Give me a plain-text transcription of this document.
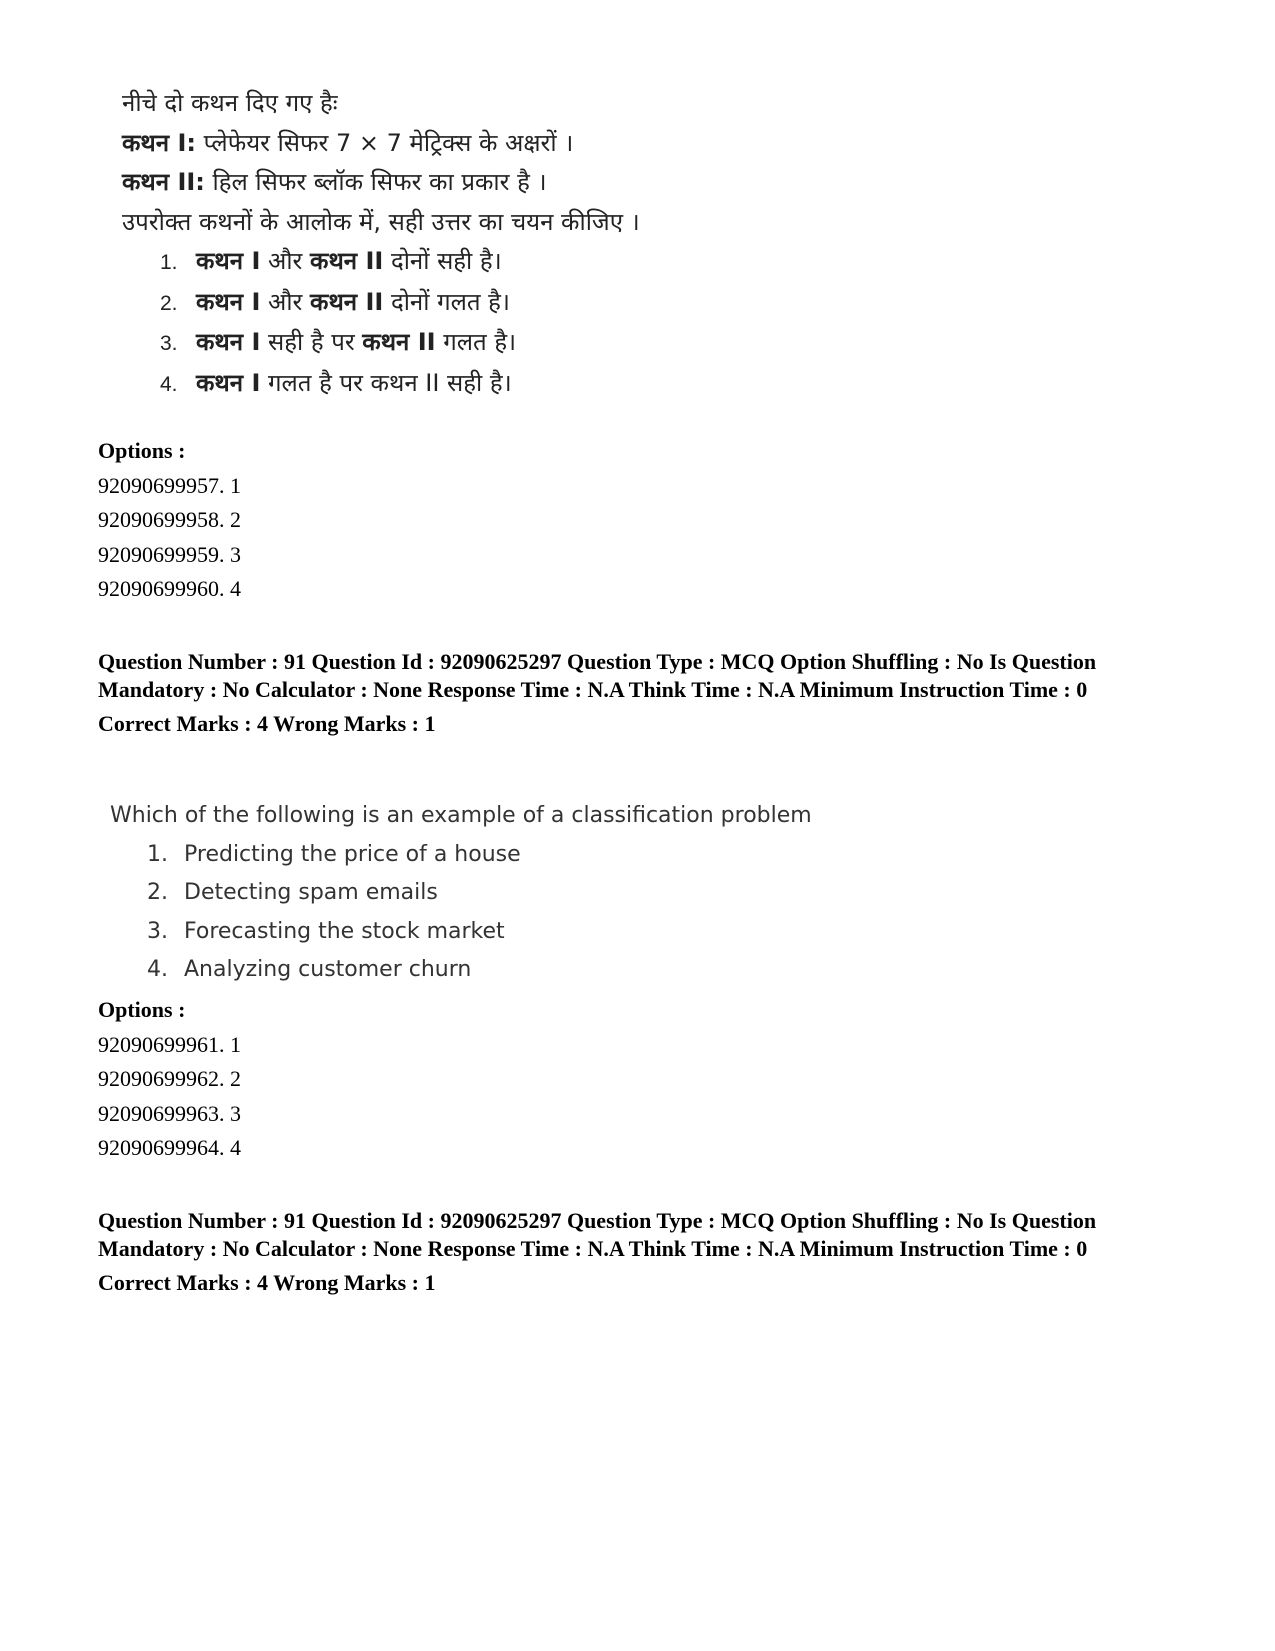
नीचे दो कथन दिए गए हैः
कथन I: प्लेफेयर सिफर 7 × 7 मेट्रिक्स के अक्षरों ।
कथन II: हिल सिफर ब्लॉक सिफर का प्रकार है ।
उपरोक्त कथनों के आलोक में, सही उत्तर का चयन कीजिए ।
1. कथन I और कथन II दोनों सही है।
2. कथन I और कथन II दोनों गलत है।
3. कथन I सही है पर कथन II गलत है।
4. कथन I गलत है पर कथन II सही है।
Options :
92090699957. 1
92090699958. 2
92090699959. 3
92090699960. 4
Question Number : 91 Question Id : 92090625297 Question Type : MCQ Option Shuffling : No Is Question Mandatory : No Calculator : None Response Time : N.A Think Time : N.A Minimum Instruction Time : 0
Correct Marks : 4 Wrong Marks : 1
Which of the following is an example of a classification problem
1. Predicting the price of a house
2. Detecting spam emails
3. Forecasting the stock market
4. Analyzing customer churn
Options :
92090699961. 1
92090699962. 2
92090699963. 3
92090699964. 4
Question Number : 91 Question Id : 92090625297 Question Type : MCQ Option Shuffling : No Is Question Mandatory : No Calculator : None Response Time : N.A Think Time : N.A Minimum Instruction Time : 0
Correct Marks : 4 Wrong Marks : 1
